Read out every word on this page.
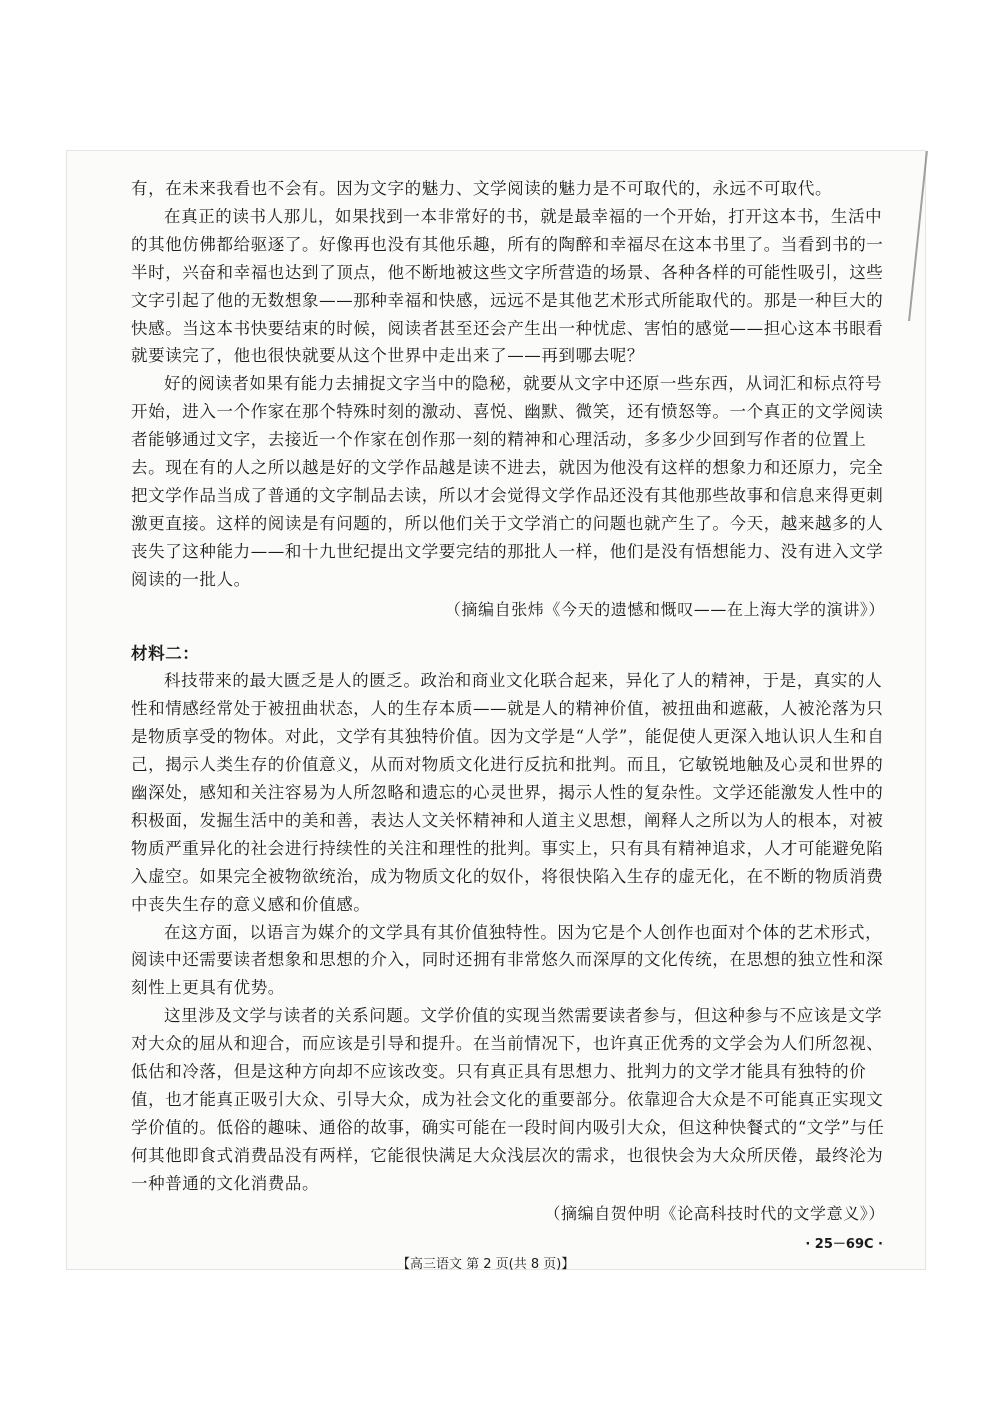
有，在未来我看也不会有。因为文字的魅力、文学阅读的魅力是不可取代的，永远不可取代。

在真正的读书人那儿，如果找到一本非常好的书，就是最幸福的一个开始，打开这本书，生活中的其他仿佛都给驱逐了。好像再也没有其他乐趣，所有的陶醉和幸福尽在这本书里了。当看到书的一半时，兴奋和幸福也达到了顶点，他不断地被这些文字所营造的场景、各种各样的可能性吸引，这些文字引起了他的无数想象——那种幸福和快感，远远不是其他艺术形式所能取代的。那是一种巨大的快感。当这本书快要结束的时候，阅读者甚至还会产生出一种忧虑、害怕的感觉——担心这本书眼看就要读完了，他也很快就要从这个世界中走出来了——再到哪去呢？

好的阅读者如果有能力去捕捉文字当中的隐秘，就要从文字中还原一些东西，从词汇和标点符号开始，进入一个作家在那个特殊时刻的激动、喜悦、幽默、微笑，还有愤怒等。一个真正的文学阅读者能够通过文字，去接近一个作家在创作那一刻的精神和心理活动，多多少少回到写作者的位置上去。现在有的人之所以越是好的文学作品越是读不进去，就因为他没有这样的想象力和还原力，完全把文学作品当成了普通的文字制品去读，所以才会觉得文学作品还没有其他那些故事和信息来得更刺激更直接。这样的阅读是有问题的，所以他们关于文学消亡的问题也就产生了。今天，越来越多的人丧失了这种能力——和十九世纪提出文学要完结的那批人一样，他们是没有悟想能力、没有进入文学阅读的一批人。

（摘编自张炜《今天的遗憾和慨叹——在上海大学的演讲》）

材料二：

科技带来的最大匮乏是人的匮乏。政治和商业文化联合起来，异化了人的精神，于是，真实的人性和情感经常处于被扭曲状态，人的生存本质——就是人的精神价值，被扭曲和遮蔽，人被沦落为只是物质享受的物体。对此，文学有其独特价值。因为文学是“人学”，能促使人更深入地认识人生和自己，揭示人类生存的价值意义，从而对物质文化进行反抗和批判。而且，它敏锐地触及心灵和世界的幽深处，感知和关注容易为人所忽略和遗忘的心灵世界，揭示人性的复杂性。文学还能激发人性中的积极面，发掘生活中的美和善，表达人文关怀精神和人道主义思想，阐释人之所以为人的根本，对被物质严重异化的社会进行持续性的关注和理性的批判。事实上，只有具有精神追求，人才可能避免陷入虚空。如果完全被物欲统治，成为物质文化的奴仆，将很快陷入生存的虚无化，在不断的物质消费中丧失生存的意义感和价值感。

在这方面，以语言为媒介的文学具有其价值独特性。因为它是个人创作也面对个体的艺术形式，阅读中还需要读者想象和思想的介入，同时还拥有非常悠久而深厚的文化传统，在思想的独立性和深刻性上更具有优势。

这里涉及文学与读者的关系问题。文学价值的实现当然需要读者参与，但这种参与不应该是文学对大众的屈从和迎合，而应该是引导和提升。在当前情况下，也许真正优秀的文学会为人们所忽视、低估和冷落，但是这种方向却不应该改变。只有真正具有思想力、批判力的文学才能具有独特的价值，也才能真正吸引大众、引导大众，成为社会文化的重要部分。依靠迎合大众是不可能真正实现文学价值的。低俗的趣味、通俗的故事，确实可能在一段时间内吸引大众，但这种快餐式的“文学”与任何其他即食式消费品没有两样，它能很快满足大众浅层次的需求，也很快会为大众所厌倦，最终沦为一种普通的文化消费品。

（摘编自贺仲明《论高科技时代的文学意义》）

· 25－69C ·
【高三语文 第 2 页(共 8 页)】
